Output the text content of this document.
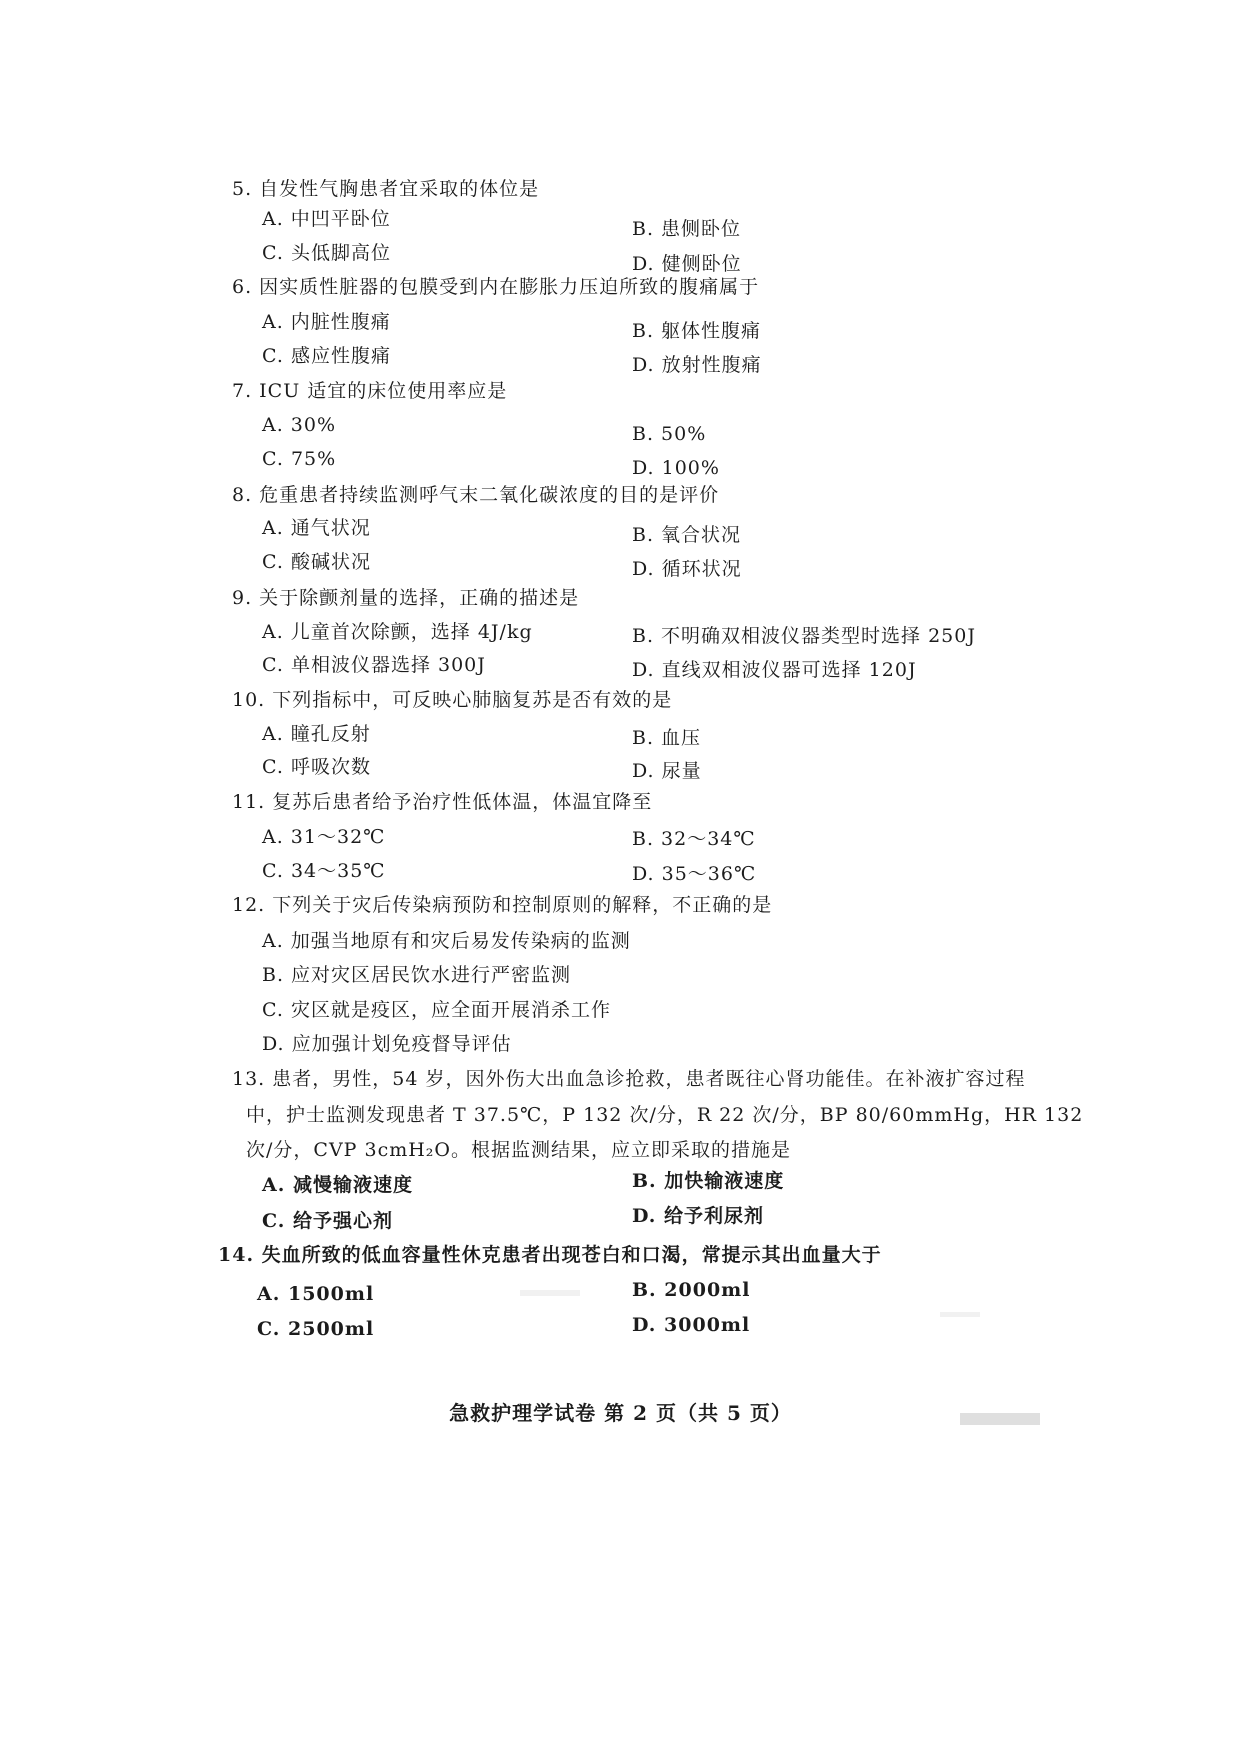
5. 自发性气胸患者宜采取的体位是
A. 中凹平卧位	B. 患侧卧位
C. 头低脚高位	D. 健侧卧位
6. 因实质性脏器的包膜受到内在膨胀力压迫所致的腹痛属于
A. 内脏性腹痛	B. 躯体性腹痛
C. 感应性腹痛	D. 放射性腹痛
7. ICU 适宜的床位使用率应是
A. 30%	B. 50%
C. 75%	D. 100%
8. 危重患者持续监测呼气末二氧化碳浓度的目的是评价
A. 通气状况	B. 氧合状况
C. 酸碱状况	D. 循环状况
9. 关于除颤剂量的选择，正确的描述是
A. 儿童首次除颤，选择 4J/kg	B. 不明确双相波仪器类型时选择 250J
C. 单相波仪器选择 300J	D. 直线双相波仪器可选择 120J
10. 下列指标中，可反映心肺脑复苏是否有效的是
A. 瞳孔反射	B. 血压
C. 呼吸次数	D. 尿量
11. 复苏后患者给予治疗性低体温，体温宜降至
A. 31～32℃	B. 32～34℃
C. 34～35℃	D. 35～36℃
12. 下列关于灾后传染病预防和控制原则的解释，不正确的是
A. 加强当地原有和灾后易发传染病的监测
B. 应对灾区居民饮水进行严密监测
C. 灾区就是疫区，应全面开展消杀工作
D. 应加强计划免疫督导评估
13. 患者，男性，54 岁，因外伤大出血急诊抢救，患者既往心肾功能佳。在补液扩容过程
中，护士监测发现患者 T 37.5℃，P 132 次/分，R 22 次/分，BP 80/60mmHg，HR 132
次/分，CVP 3cmH₂O。根据监测结果，应立即采取的措施是
A. 减慢输液速度	B. 加快输液速度
C. 给予强心剂	D. 给予利尿剂
14. 失血所致的低血容量性休克患者出现苍白和口渴，常提示其出血量大于
A. 1500ml	B. 2000ml
C. 2500ml	D. 3000ml
急救护理学试卷 第 2 页（共 5 页）
